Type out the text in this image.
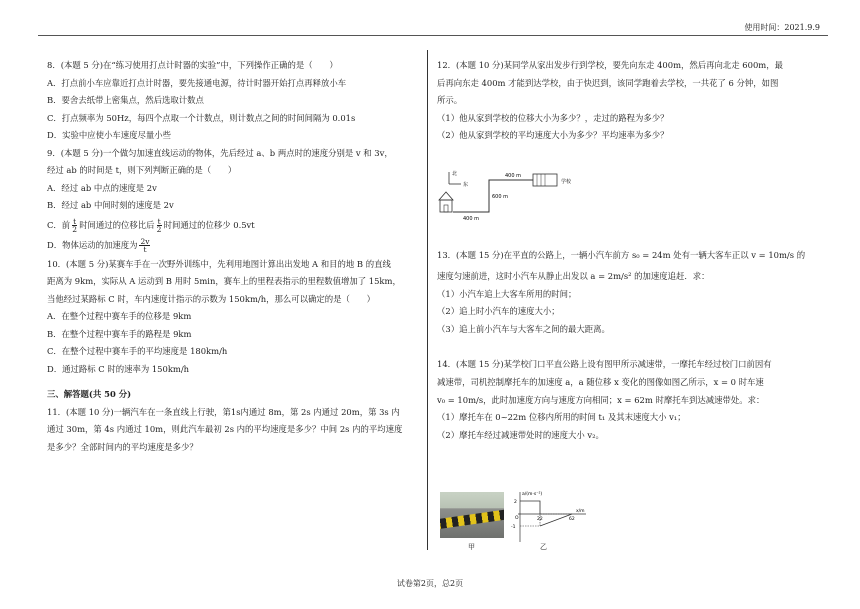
使用时间：2021.9.9

8．(本题 5 分)在“练习使用打点计时器的实验”中，下列操作正确的是（　　）

A．打点前小车应靠近打点计时器，要先接通电源，待计时器开始打点再释放小车

B．要舍去纸带上密集点，然后选取计数点

C．打点频率为 50Hz，每四个点取一个计数点，则计数点之间的时间间隔为 0.01s

D．实验中应使小车速度尽量小些

9．(本题 5 分)一个做匀加速直线运动的物体，先后经过 a、b 两点时的速度分别是 v 和 3v，

经过 ab 的时间是 t，则下列判断正确的是（　　）

A．经过 ab 中点的速度是 2v

B．经过 ab 中间时刻的速度是 2v

C．前 $\frac{t}{2}$ 时间通过的位移比后 $\frac{t}{2}$ 时间通过的位移少 0.5vt

D．物体运动的加速度为 $\frac{2v}{t}$

10．(本题 5 分)某赛车手在一次野外训练中，先利用地图计算出出发地 A 和目的地 B 的直线

距离为 9km，实际从 A 运动到 B 用时 5min，赛车上的里程表指示的里程数值增加了 15km，

当他经过某路标 C 时，车内速度计指示的示数为 150km/h，那么可以确定的是（　　）

A．在整个过程中赛车手的位移是 9km

B．在整个过程中赛车手的路程是 9km

C．在整个过程中赛车手的平均速度是 180km/h

D．通过路标 C 时的速率为 150km/h

三、解答题(共 50 分)

11．(本题 10 分)一辆汽车在一条直线上行驶，第1s内通过 8m，第 2s 内通过 20m，第 3s 内

通过 30m，第 4s 内通过 10m，则此汽车最初 2s 内的平均速度是多少？中间 2s 内的平均速度

是多少？全部时间内的平均速度是多少？

12．(本题 10 分)某同学从家出发步行到学校，要先向东走 400m，然后再向北走 600m，最

后再向东走 400m 才能到达学校，由于快迟到，该同学跑着去学校，一共花了 6 分钟，如图

所示。

（1）他从家到学校的位移大小为多少？，走过的路程为多少？

（2）他从家到学校的平均速度大小为多少？平均速率为多少？

北
东
400 m
600 m
400 m
学校

13．(本题 15 分)在平直的公路上，一辆小汽车前方 s₀ = 24m 处有一辆大客车正以 v = 10m/s 的

速度匀速前进，这时小汽车从静止出发以 a = 2m/s² 的加速度追赶．求：

（1）小汽车追上大客车所用的时间；

（2）追上时小汽车的速度大小；

（3）追上前小汽车与大客车之间的最大距离。

14．(本题 15 分)某学校门口平直公路上设有图甲所示减速带，一摩托车经过校门口前因有

减速带，司机控制摩托车的加速度 a，a 随位移 x 变化的图像如图乙所示，x = 0 时车速

v₀ = 10m/s，此时加速度方向与速度方向相同；x = 62m 时摩托车到达减速带处。求：

（1）摩托车在 0~22m 位移内所用的时间 t₁ 及其末速度大小 v₁；

（2）摩托车经过减速带处时的速度大小 v₂。

甲
a/(m·s⁻²)
x/m
O
2
-1
22	62
乙
试卷第2页，总2页
